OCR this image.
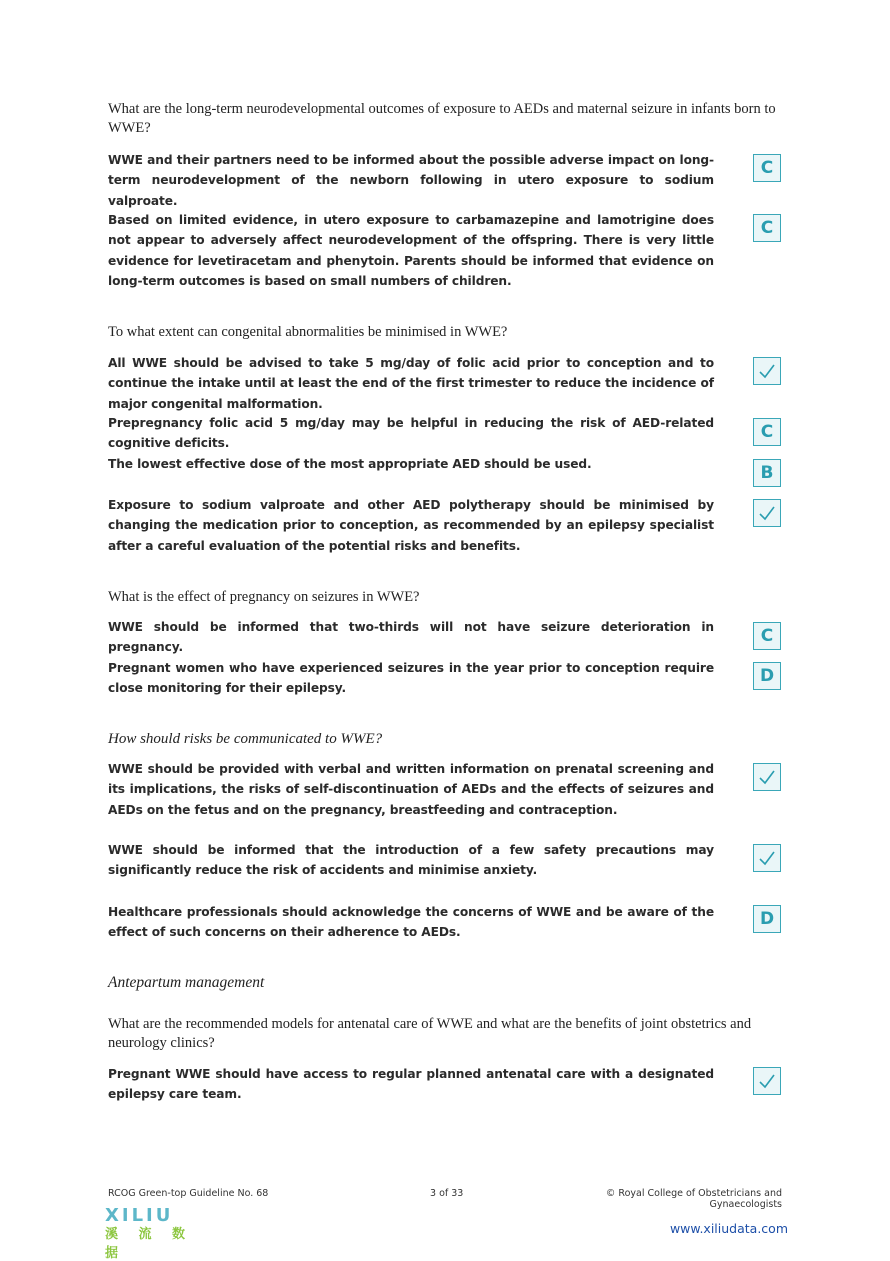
What are the long-term neurodevelopmental outcomes of exposure to AEDs and maternal seizure in infants born to WWE?
WWE and their partners need to be informed about the possible adverse impact on long-term neurodevelopment of the newborn following in utero exposure to sodium valproate.
C
Based on limited evidence, in utero exposure to carbamazepine and lamotrigine does not appear to adversely affect neurodevelopment of the offspring. There is very little evidence for levetiracetam and phenytoin. Parents should be informed that evidence on long-term outcomes is based on small numbers of children.
C
To what extent can congenital abnormalities be minimised in WWE?
All WWE should be advised to take 5 mg/day of folic acid prior to conception and to continue the intake until at least the end of the first trimester to reduce the incidence of major congenital malformation.
Prepregnancy folic acid 5 mg/day may be helpful in reducing the risk of AED-related cognitive deficits.
C
The lowest effective dose of the most appropriate AED should be used.	B
Exposure to sodium valproate and other AED polytherapy should be minimised by changing the medication prior to conception, as recommended by an epilepsy specialist after a careful evaluation of the potential risks and benefits.
What is the effect of pregnancy on seizures in WWE?
WWE should be informed that two-thirds will not have seizure deterioration in pregnancy.
C
Pregnant women who have experienced seizures in the year prior to conception require close monitoring for their epilepsy.
D
How should risks be communicated to WWE?
WWE should be provided with verbal and written information on prenatal screening and its implications, the risks of self-discontinuation of AEDs and the effects of seizures and AEDs on the fetus and on the pregnancy, breastfeeding and contraception.
WWE should be informed that the introduction of a few safety precautions may significantly reduce the risk of accidents and minimise anxiety.
Healthcare professionals should acknowledge the concerns of WWE and be aware of the effect of such concerns on their adherence to AEDs.
D
Antepartum management
What are the recommended models for antenatal care of WWE and what are the benefits of joint obstetrics and neurology clinics?
Pregnant WWE should have access to regular planned antenatal care with a designated epilepsy care team.
RCOG Green-top Guideline No. 68	3 of 33	© Royal College of Obstetricians and Gynaecologists
XILIU
溪 流 数 据
www.xiliudata.com
